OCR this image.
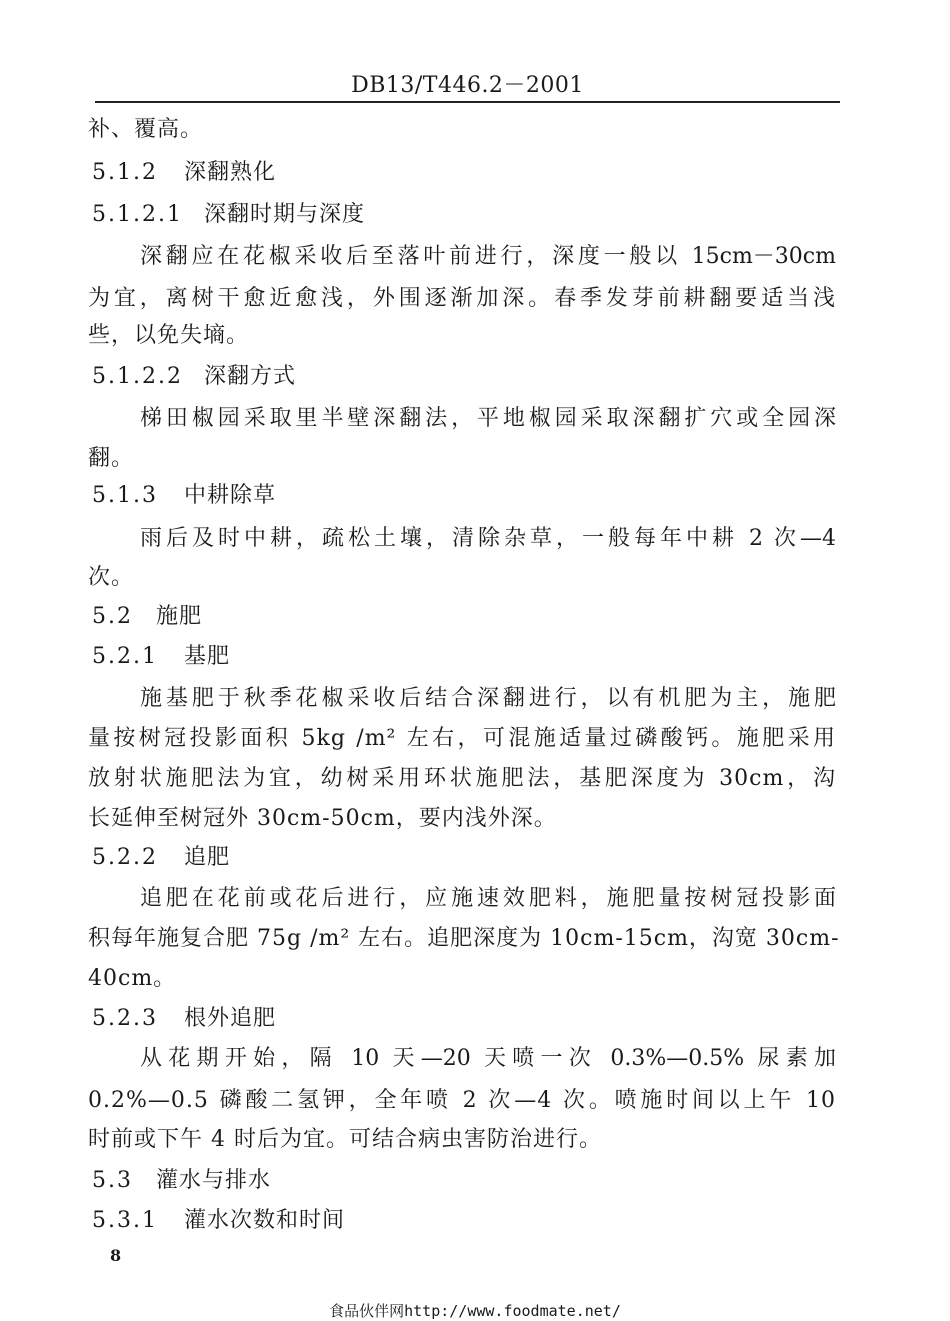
DB13/T446.2－2001
补、覆高。
5.1.2 深翻熟化
5.1.2.1 深翻时期与深度
深翻应在花椒采收后至落叶前进行，深度一般以 15cm－30cm
为宜，离树干愈近愈浅，外围逐渐加深。春季发芽前耕翻要适当浅
些，以免失墒。
5.1.2.2 深翻方式
梯田椒园采取里半壁深翻法，平地椒园采取深翻扩穴或全园深
翻。
5.1.3 中耕除草
雨后及时中耕，疏松土壤，清除杂草，一般每年中耕 2 次—4
次。
5.2 施肥
5.2.1 基肥
施基肥于秋季花椒采收后结合深翻进行，以有机肥为主，施肥
量按树冠投影面积 5kg /m² 左右，可混施适量过磷酸钙。施肥采用
放射状施肥法为宜，幼树采用环状施肥法，基肥深度为 30cm，沟
长延伸至树冠外 30cm-50cm，要内浅外深。
5.2.2 追肥
追肥在花前或花后进行，应施速效肥料，施肥量按树冠投影面
积每年施复合肥 75g /m² 左右。追肥深度为 10cm-15cm，沟宽 30cm-
40cm。
5.2.3 根外追肥
从花期开始，隔 10 天—20 天喷一次 0.3%—0.5% 尿素加
0.2%—0.5 磷酸二氢钾，全年喷 2 次—4 次。喷施时间以上午 10
时前或下午 4 时后为宜。可结合病虫害防治进行。
5.3 灌水与排水
5.3.1 灌水次数和时间
8
食品伙伴网http://www.foodmate.net/
